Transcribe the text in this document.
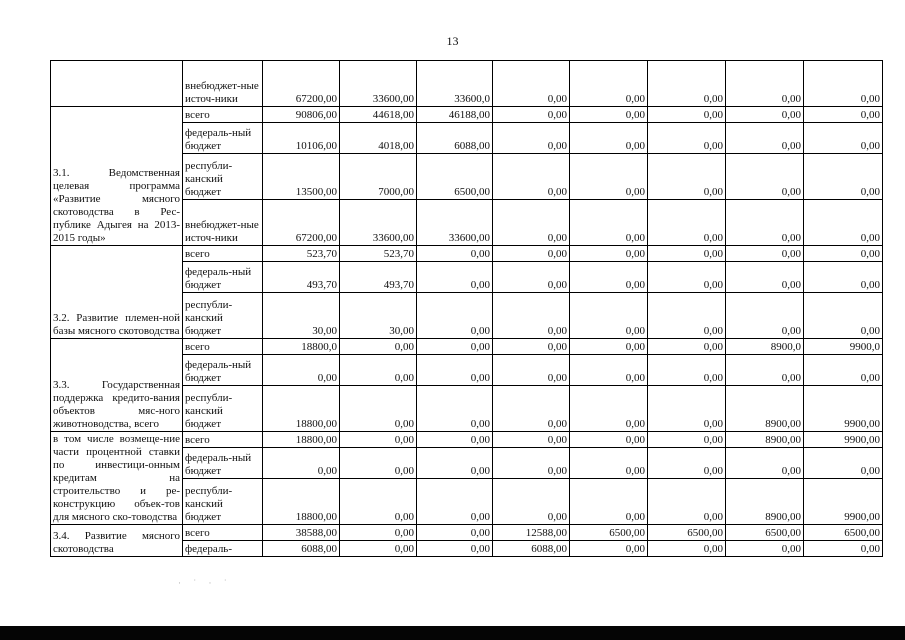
13
	внебюджет-ные источ-ники	67200,00	33600,00	33600,0	0,00	0,00	0,00	0,00	0,00
3.1. Ведомственная целевая программа «Развитие мясного скотоводства в Рес-публике Адыгея на 2013-2015 годы»	всего	90806,00	44618,00	46188,00	0,00	0,00	0,00	0,00	0,00
	федераль-ный бюджет	10106,00	4018,00	6088,00	0,00	0,00	0,00	0,00	0,00
	республи-канский бюджет	13500,00	7000,00	6500,00	0,00	0,00	0,00	0,00	0,00
	внебюджет-ные источ-ники	67200,00	33600,00	33600,00	0,00	0,00	0,00	0,00	0,00
3.2. Развитие племен-ной базы мясного скотоводства	всего	523,70	523,70	0,00	0,00	0,00	0,00	0,00	0,00
	федераль-ный бюджет	493,70	493,70	0,00	0,00	0,00	0,00	0,00	0,00
	республи-канский бюджет	30,00	30,00	0,00	0,00	0,00	0,00	0,00	0,00
3.3. Государственная поддержка кредито-вания объектов мяс-ного животноводства, всего	всего	18800,0	0,00	0,00	0,00	0,00	0,00	8900,0	9900,0
	федераль-ный бюджет	0,00	0,00	0,00	0,00	0,00	0,00	0,00	0,00
	республи-канский бюджет	18800,00	0,00	0,00	0,00	0,00	0,00	8900,00	9900,00
в том числе возмеще-ние части процентной ставки по инвестици-онным кредитам на строительство и ре-конструкцию объек-тов для мясного ско-товодства	всего	18800,00	0,00	0,00	0,00	0,00	0,00	8900,00	9900,00
	федераль-ный бюджет	0,00	0,00	0,00	0,00	0,00	0,00	0,00	0,00
	республи-канский бюджет	18800,00	0,00	0,00	0,00	0,00	0,00	8900,00	9900,00
3.4. Развитие мясного скотоводства	всего	38588,00	0,00	0,00	12588,00	6500,00	6500,00	6500,00	6500,00
	федераль-	6088,00	0,00	0,00	6088,00	0,00	0,00	0,00	0,00
· ˙ · ˙
